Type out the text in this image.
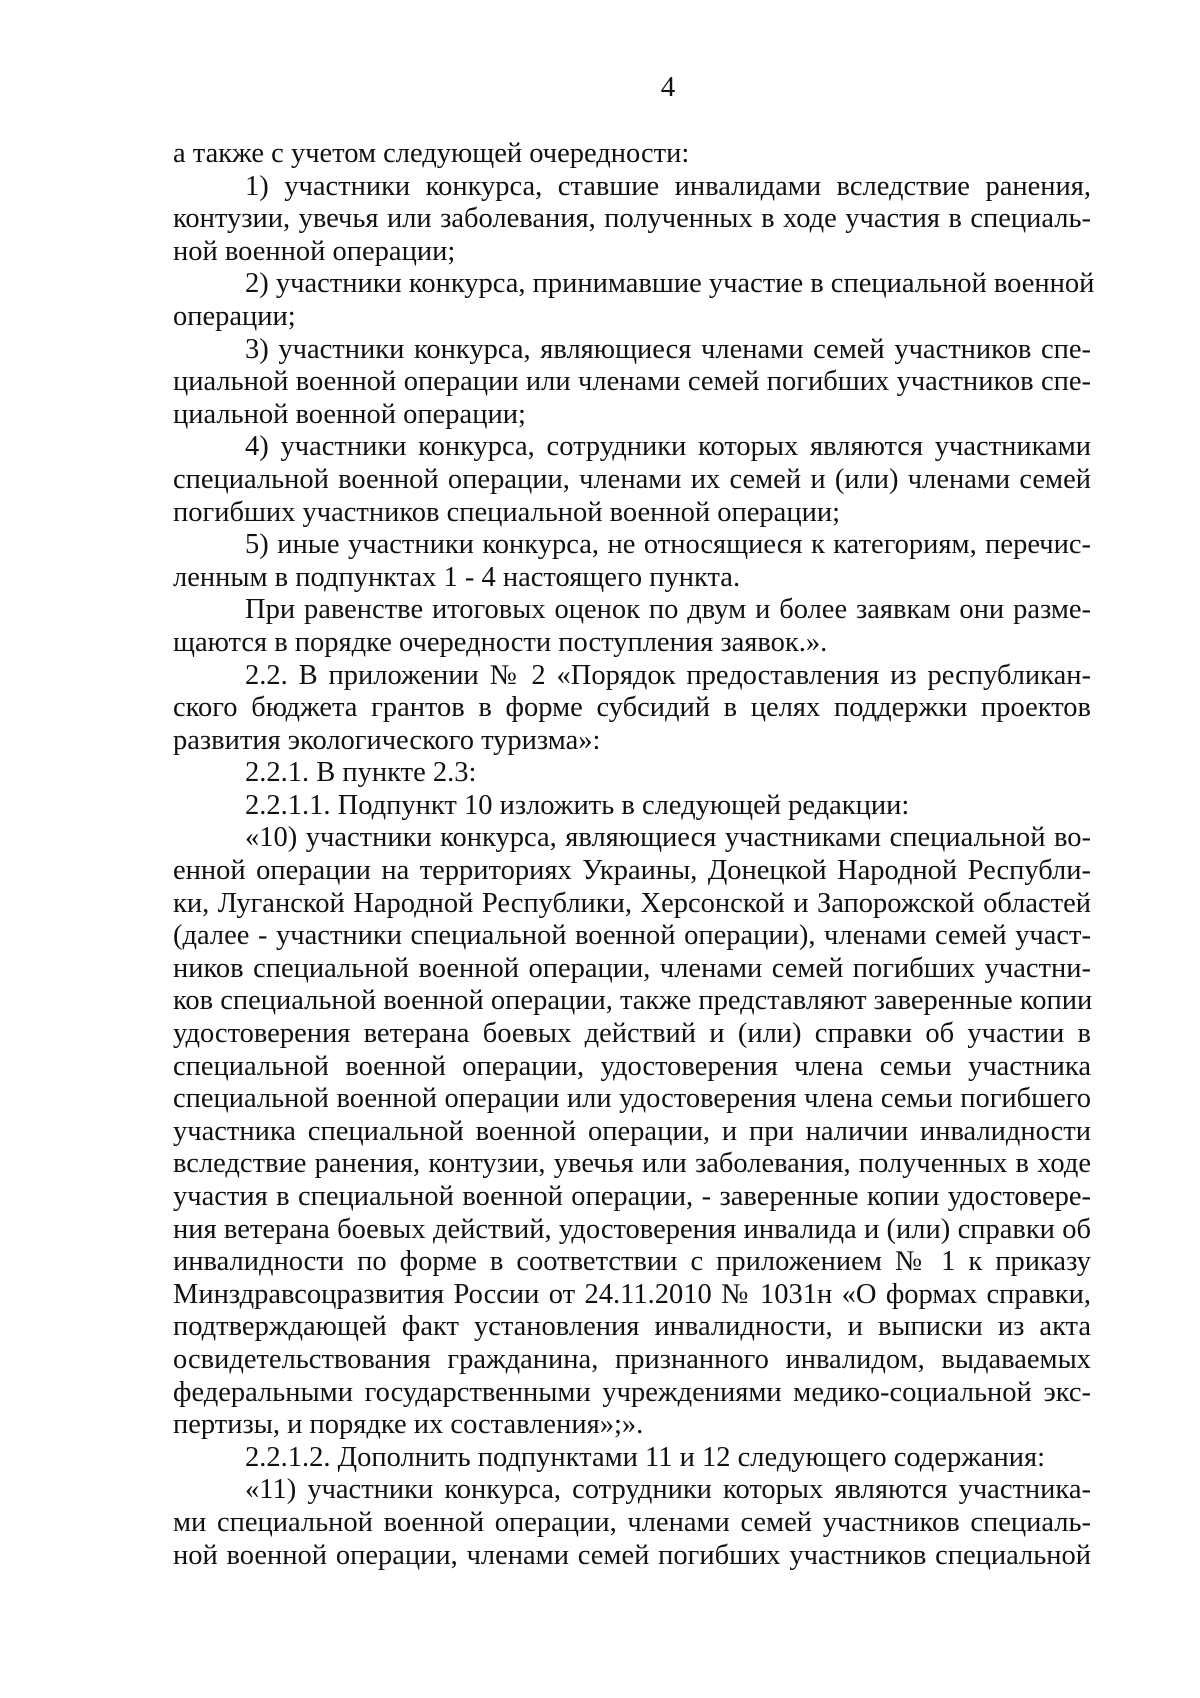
4
а также с учетом следующей очередности:
1) участники конкурса, ставшие инвалидами вследствие ранения,
контузии, увечья или заболевания, полученных в ходе участия в специаль-
ной военной операции;
2) участники конкурса, принимавшие участие в специальной военной
операции;
3) участники конкурса, являющиеся членами семей участников спе-
циальной военной операции или членами семей погибших участников спе-
циальной военной операции;
4) участники конкурса, сотрудники которых являются участниками
специальной военной операции, членами их семей и (или) членами семей
погибших участников специальной военной операции;
5) иные участники конкурса, не относящиеся к категориям, перечис-
ленным в подпунктах 1 - 4 настоящего пункта.
При равенстве итоговых оценок по двум и более заявкам они разме-
щаются в порядке очередности поступления заявок.».
2.2. В приложении № 2 «Порядок предоставления из республикан-
ского бюджета грантов в форме субсидий в целях поддержки проектов
развития экологического туризма»:
2.2.1. В пункте 2.3:
2.2.1.1. Подпункт 10 изложить в следующей редакции:
«10) участники конкурса, являющиеся участниками специальной во-
енной операции на территориях Украины, Донецкой Народной Республи-
ки, Луганской Народной Республики, Херсонской и Запорожской областей
(далее - участники специальной военной операции), членами семей участ-
ников специальной военной операции, членами семей погибших участни-
ков специальной военной операции, также представляют заверенные копии
удостоверения ветерана боевых действий и (или) справки об участии в
специальной военной операции, удостоверения члена семьи участника
специальной военной операции или удостоверения члена семьи погибшего
участника специальной военной операции, и при наличии инвалидности
вследствие ранения, контузии, увечья или заболевания, полученных в ходе
участия в специальной военной операции, - заверенные копии удостовере-
ния ветерана боевых действий, удостоверения инвалида и (или) справки об
инвалидности по форме в соответствии с приложением № 1 к приказу
Минздравсоцразвития России от 24.11.2010 № 1031н «О формах справки,
подтверждающей факт установления инвалидности, и выписки из акта
освидетельствования гражданина, признанного инвалидом, выдаваемых
федеральными государственными учреждениями медико-социальной экс-
пертизы, и порядке их составления»;».
2.2.1.2. Дополнить подпунктами 11 и 12 следующего содержания:
«11) участники конкурса, сотрудники которых являются участника-
ми специальной военной операции, членами семей участников специаль-
ной военной операции, членами семей погибших участников специальной
